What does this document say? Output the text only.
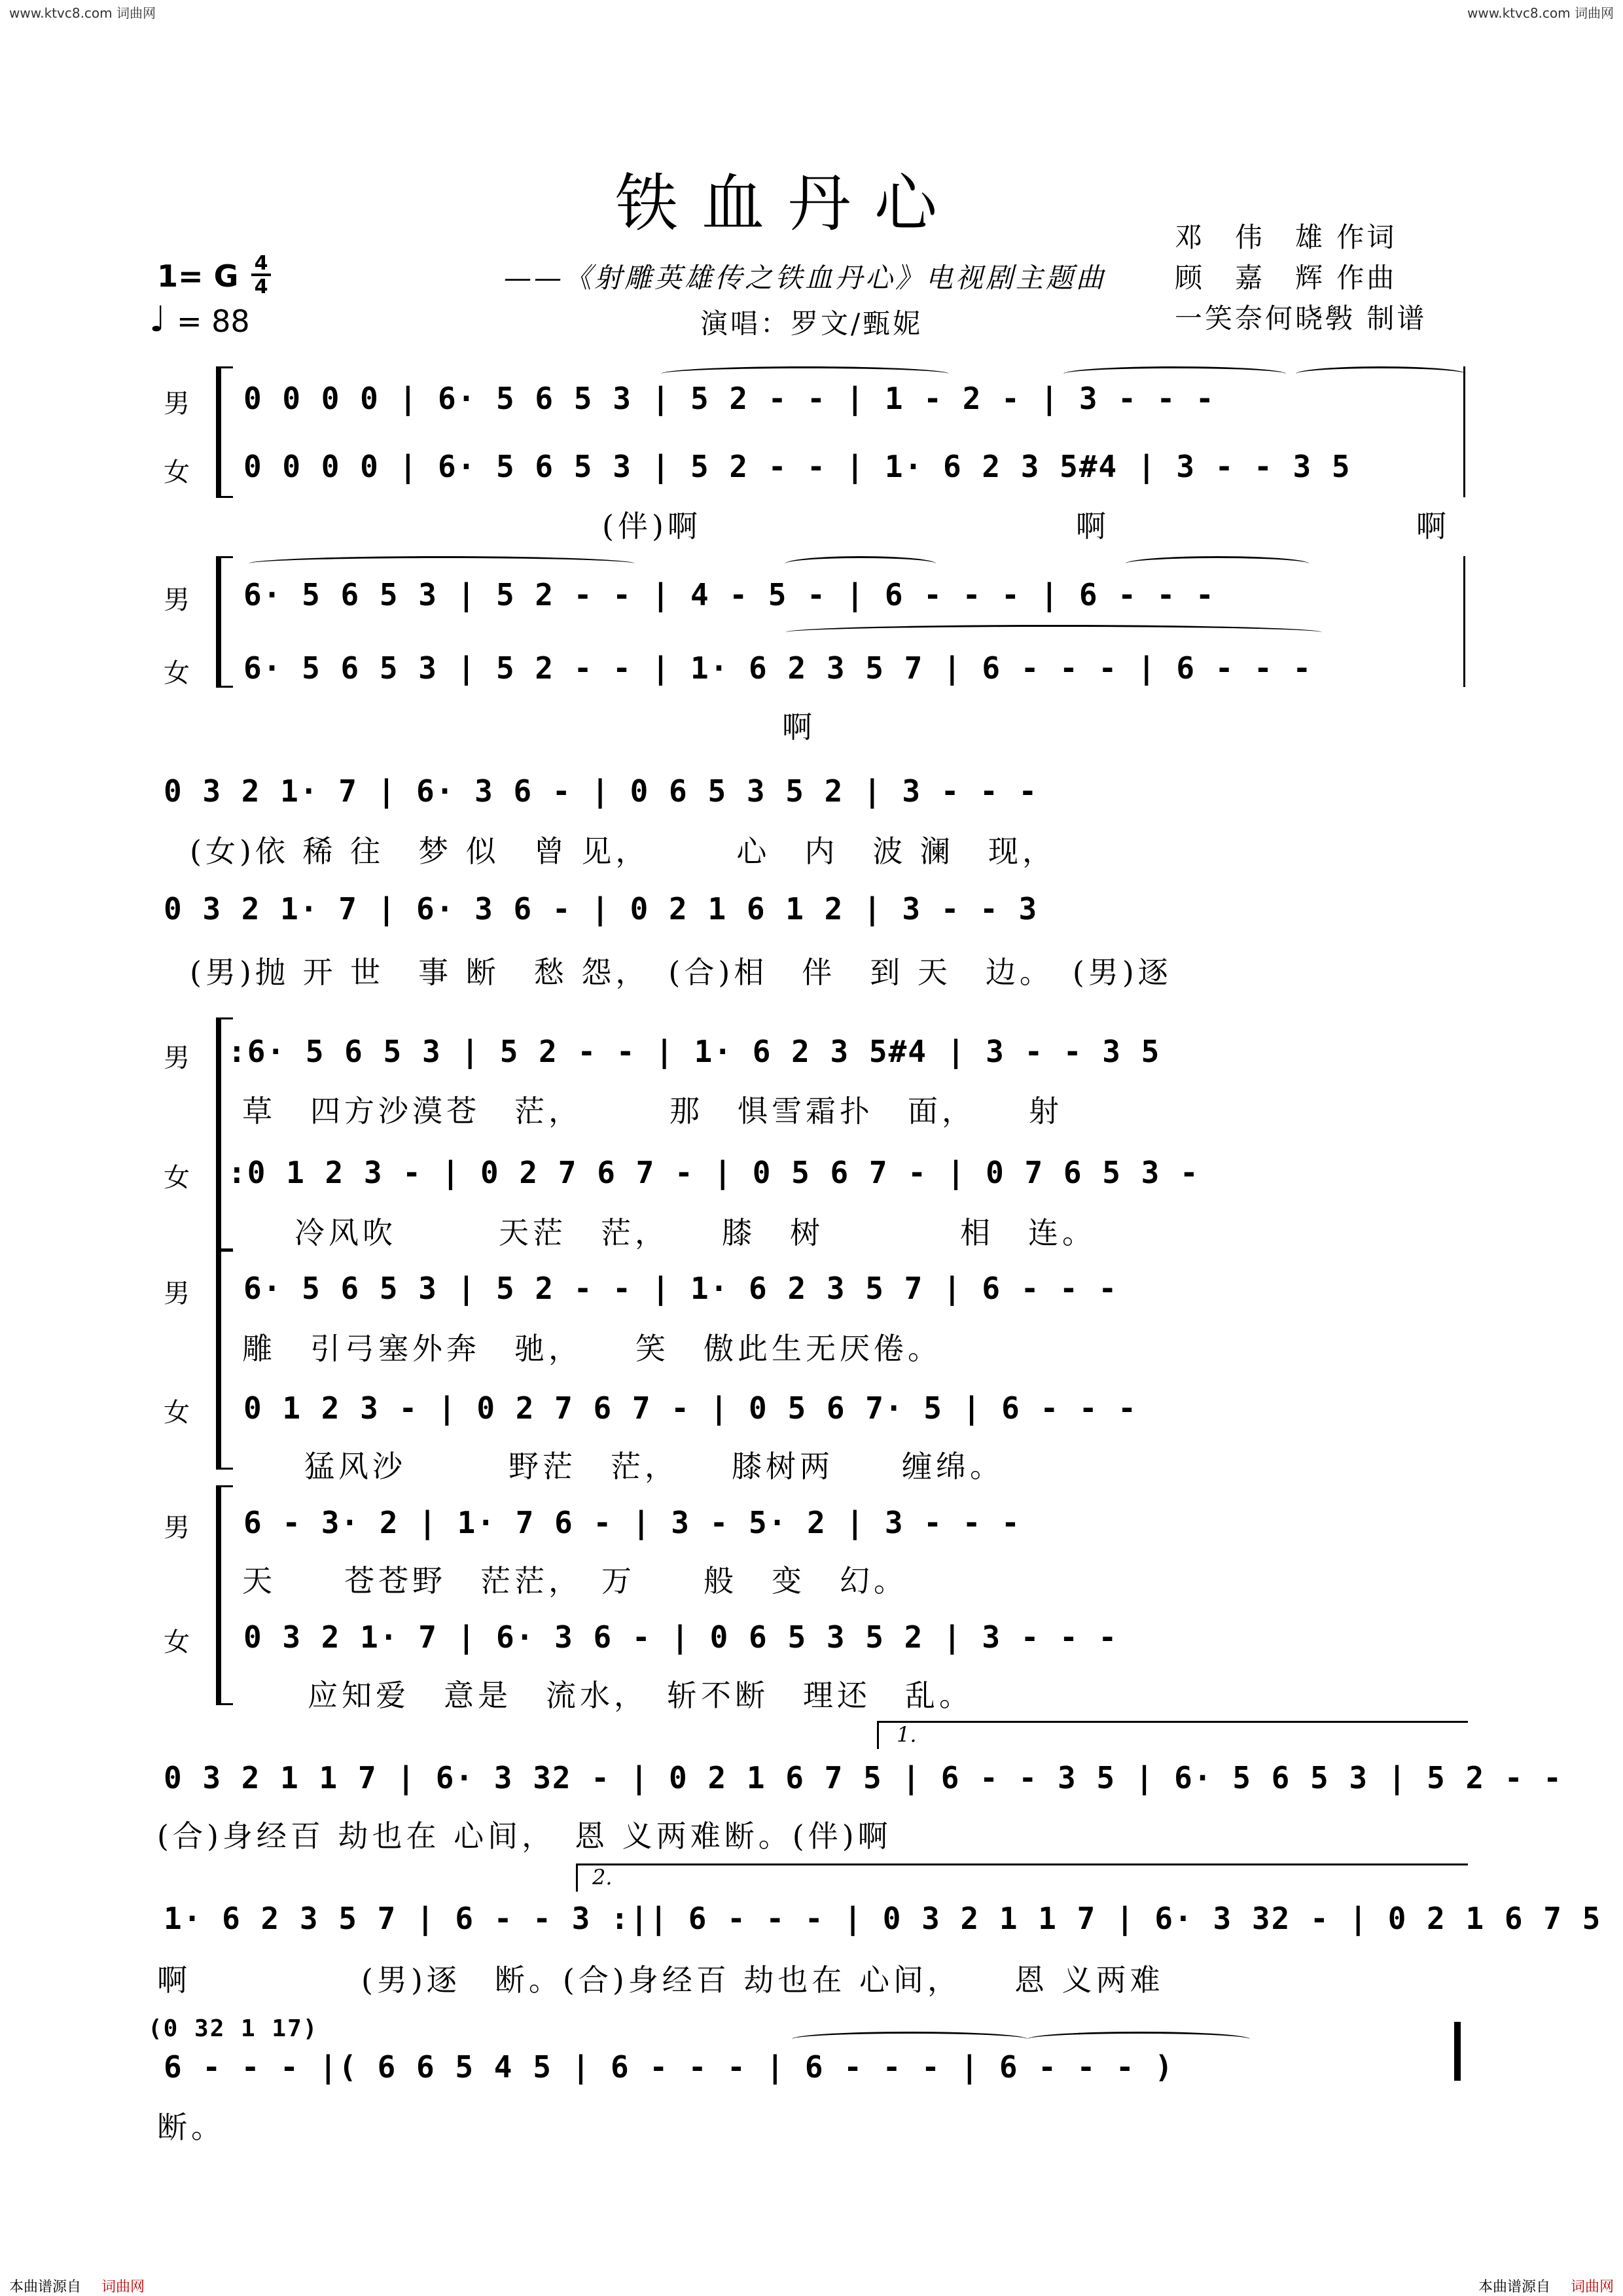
www.ktvc8.com 词曲网	www.ktvc8.com 词曲网
铁血丹心	邓　伟　雄 作词
顾　嘉　辉 作曲
一笑奈何晓斅 制谱
——《射雕英雄传之铁血丹心》电视剧主题曲
演唱：罗文/甄妮
1= G 4
4
♩ = 88
男
女
0 0 0 0 | 6· 5 6 5 3 | 5 2 - - | 1 - 2 - | 3 - - -
0 0 0 0 | 6· 5 6 5 3 | 5 2 - - | 1· 6 2 3 5#4 | 3 - - 3 5
(伴)啊　　　　　　　　　　　啊　　　　　　　　　啊
男
女
6· 5 6 5 3 | 5 2 - - | 4 - 5 - | 6 - - - | 6 - - -
6· 5 6 5 3 | 5 2 - - | 1· 6 2 3 5 7 | 6 - - - | 6 - - -
啊
0 3 2 1· 7 | 6· 3 6 - | 0 6 5 3 5 2 | 3 - - -
(女)依 稀 往　梦 似　曾 见，　　　心　内　波 澜　现，
0 3 2 1· 7 | 6· 3 6 - | 0 2 1 6 1 2 | 3 - - 3
(男)抛 开 世　事 断　愁 怨，　(合)相　伴　到 天　边。　(男)逐
男
女
:6· 5 6 5 3 | 5 2 - - | 1· 6 2 3 5#4 | 3 - - 3 5
草　四方沙漠苍　茫，　　　那　惧雪霜扑　面，　　射
:0 1 2 3 - | 0 2 7 6 7 - | 0 5 6 7 - | 0 7 6 5 3 -
冷风吹　　　天茫　茫，　　膝　树　　　　相　连。
男
女
6· 5 6 5 3 | 5 2 - - | 1· 6 2 3 5 7 | 6 - - -
雕　引弓塞外奔　驰，　　笑　傲此生无厌倦。
0 1 2 3 - | 0 2 7 6 7 - | 0 5 6 7· 5 | 6 - - -
猛风沙　　　野茫　茫，　　膝树两　　缠绵。
男
女
6 - 3· 2 | 1· 7 6 - | 3 - 5· 2 | 3 - - -
天　　苍苍野　茫茫，　万　　般　变　幻。
0 3 2 1· 7 | 6· 3 6 - | 0 6 5 3 5 2 | 3 - - -
应知爱　意是　流水，　斩不断　理还　乱。
1.
0 3 2 1 1 7 | 6· 3 32 - | 0 2 1 6 7 5 | 6 - - 3 5 | 6· 5 6 5 3 | 5 2 - -
(合)身经百 劫也在 心间，　恩 义两难断。(伴)啊
2.
1· 6 2 3 5 7 | 6 - - 3 :|| 6 - - - | 0 3 2 1 1 7 | 6· 3 32 - | 0 2 1 6 7 5
啊　　　　　(男)逐　断。(合)身经百 劫也在 心间，　　恩 义两难
(0 32 1 17)
6 - - - |( 6 6 5 4 5 | 6 - - - | 6 - - - | 6 - - - )
断。
本曲谱源自 词曲网	本曲谱源自 词曲网
